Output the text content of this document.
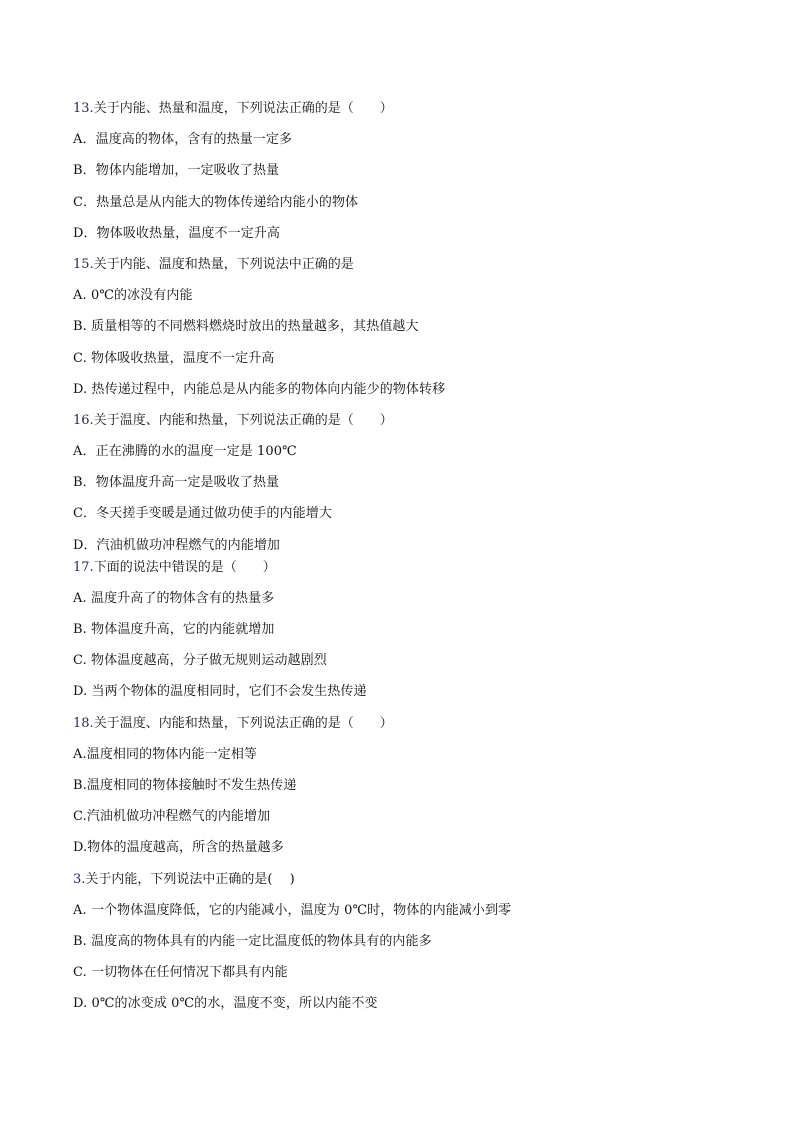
13.关于内能、热量和温度，下列说法正确的是（　　）
A．温度高的物体，含有的热量一定多
B．物体内能增加，一定吸收了热量
C．热量总是从内能大的物体传递给内能小的物体
D．物体吸收热量，温度不一定升高
15.关于内能、温度和热量，下列说法中正确的是
A. 0℃的冰没有内能
B. 质量相等的不同燃料燃烧时放出的热量越多，其热值越大
C. 物体吸收热量，温度不一定升高
D. 热传递过程中，内能总是从内能多的物体向内能少的物体转移
16.关于温度、内能和热量，下列说法正确的是（　　）
A．正在沸腾的水的温度一定是 100℃
B．物体温度升高一定是吸收了热量
C．冬天搓手变暖是通过做功使手的内能增大
D．汽油机做功冲程燃气的内能增加
17.下面的说法中错误的是（　　）
A. 温度升高了的物体含有的热量多
B. 物体温度升高，它的内能就增加
C. 物体温度越高，分子做无规则运动越剧烈
D. 当两个物体的温度相同时，它们不会发生热传递
18.关于温度、内能和热量，下列说法正确的是（　　）
A.温度相同的物体内能一定相等
B.温度相同的物体接触时不发生热传递
C.汽油机做功冲程燃气的内能增加
D.物体的温度越高，所含的热量越多
3.关于内能，下列说法中正确的是(　 )
A. 一个物体温度降低，它的内能减小，温度为 0℃时，物体的内能减小到零
B. 温度高的物体具有的内能一定比温度低的物体具有的内能多
C. 一切物体在任何情况下都具有内能
D. 0℃的冰变成 0℃的水，温度不变，所以内能不变
